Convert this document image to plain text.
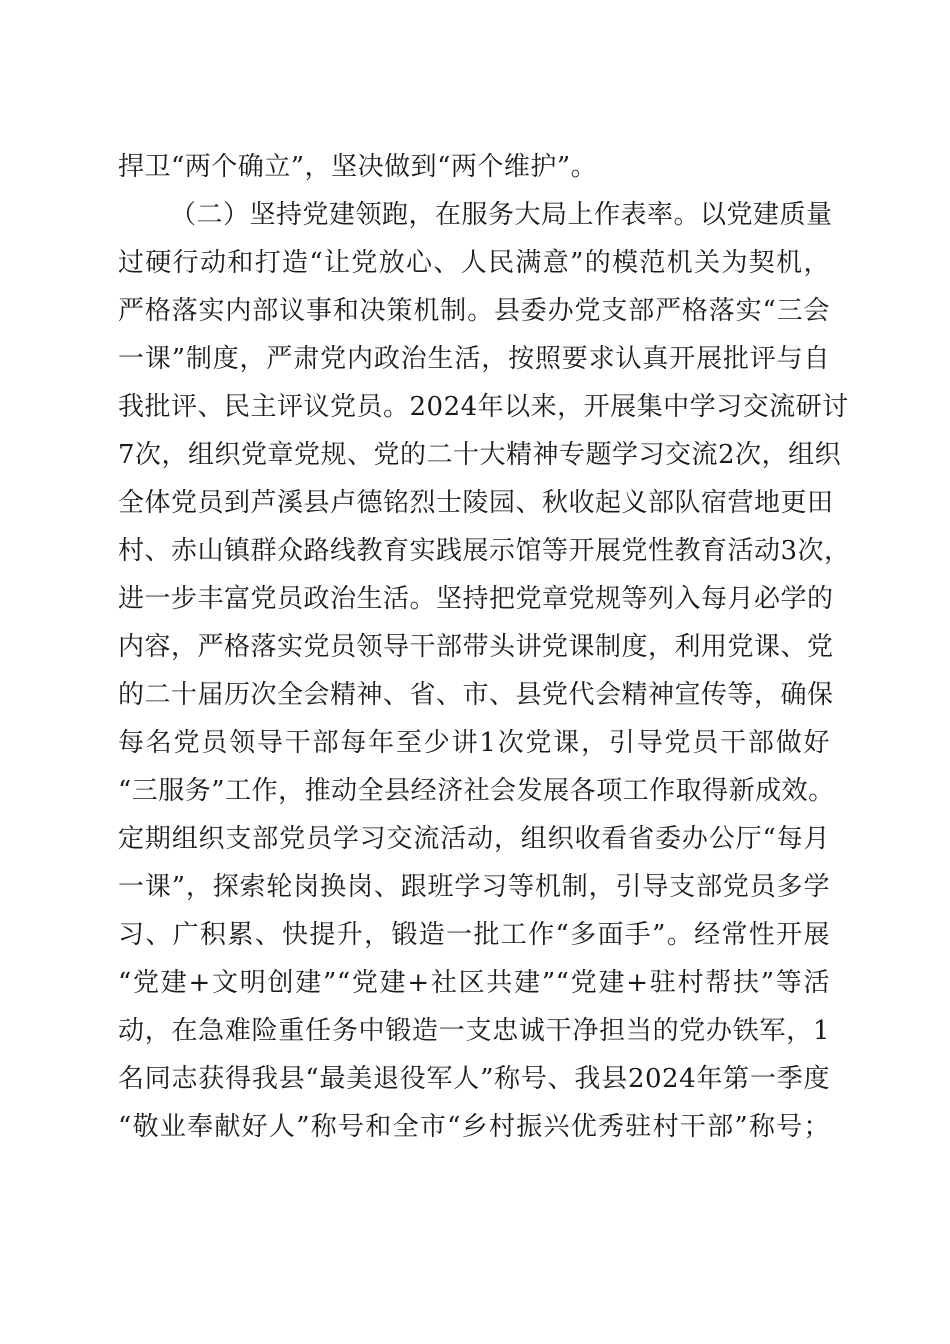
捍卫“两个确立”，坚决做到“两个维护”。
（二）坚持党建领跑，在服务大局上作表率。以党建质量
过硬行动和打造“让党放心、人民满意”的模范机关为契机，
严格落实内部议事和决策机制。县委办党支部严格落实“三会
一课”制度，严肃党内政治生活，按照要求认真开展批评与自
我批评、民主评议党员。2024年以来，开展集中学习交流研讨
7次，组织党章党规、党的二十大精神专题学习交流2次，组织
全体党员到芦溪县卢德铭烈士陵园、秋收起义部队宿营地更田
村、赤山镇群众路线教育实践展示馆等开展党性教育活动3次，
进一步丰富党员政治生活。坚持把党章党规等列入每月必学的
内容，严格落实党员领导干部带头讲党课制度，利用党课、党
的二十届历次全会精神、省、市、县党代会精神宣传等，确保
每名党员领导干部每年至少讲1次党课，引导党员干部做好
“三服务”工作，推动全县经济社会发展各项工作取得新成效。
定期组织支部党员学习交流活动，组织收看省委办公厅“每月
一课”，探索轮岗换岗、跟班学习等机制，引导支部党员多学
习、广积累、快提升，锻造一批工作“多面手”。经常性开展
“党建+文明创建”“党建+社区共建”“党建+驻村帮扶”等活
动，在急难险重任务中锻造一支忠诚干净担当的党办铁军，1
名同志获得我县“最美退役军人”称号、我县2024年第一季度
“敬业奉献好人”称号和全市“乡村振兴优秀驻村干部”称号；
